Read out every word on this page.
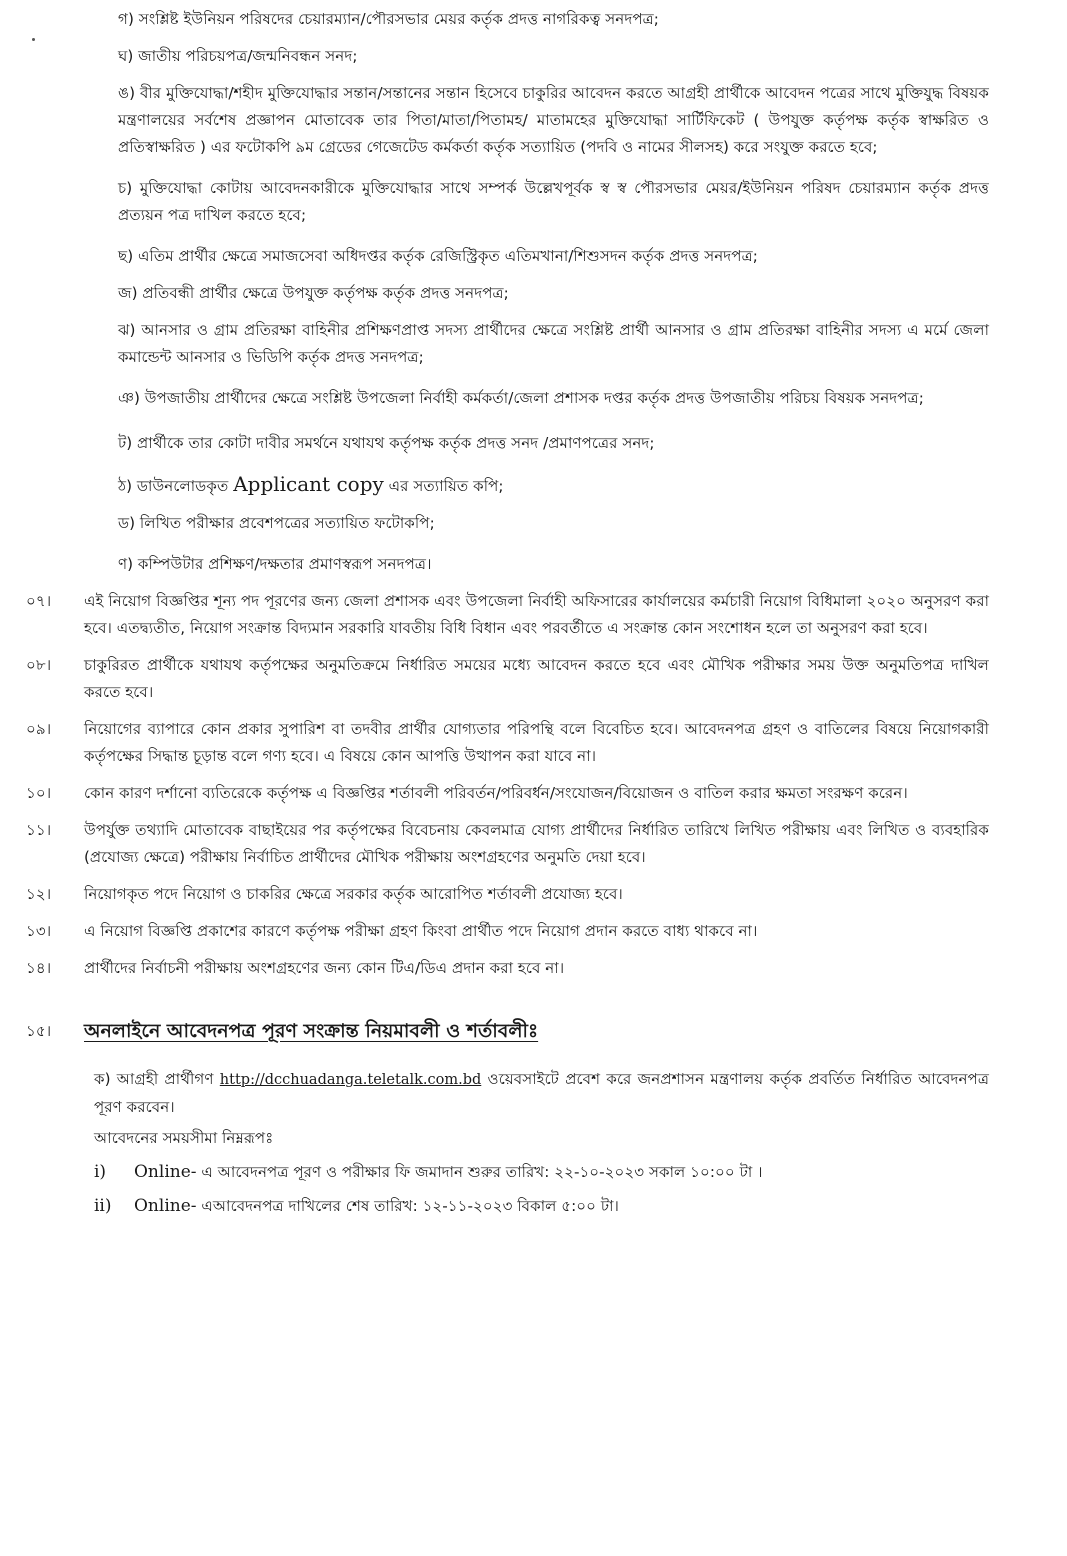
গ) সংশ্লিষ্ট ইউনিয়ন পরিষদের চেয়ারম্যান/পৌরসভার মেয়র কর্তৃক প্রদত্ত নাগরিকত্ব সনদপত্র;

ঘ) জাতীয় পরিচয়পত্র/জন্মনিবন্ধন সনদ;

ঙ) বীর মুক্তিযোদ্ধা/শহীদ মুক্তিযোদ্ধার সন্তান/সন্তানের সন্তান হিসেবে চাকুরির আবেদন করতে আগ্রহী প্রার্থীকে আবেদন পত্রের সাথে মুক্তিযুদ্ধ বিষয়ক মন্ত্রণালয়ের সর্বশেষ প্রজ্ঞাপন মোতাবেক তার পিতা/মাতা/পিতামহ/ মাতামহের মুক্তিযোদ্ধা সার্টিফিকেট ( উপযুক্ত কর্তৃপক্ষ কর্তৃক স্বাক্ষরিত ও প্রতিস্বাক্ষরিত ) এর ফটোকপি ৯ম গ্রেডের গেজেটেড কর্মকর্তা কর্তৃক সত্যায়িত (পদবি ও নামের সীলসহ) করে সংযুক্ত করতে হবে;

চ) মুক্তিযোদ্ধা কোটায় আবেদনকারীকে মুক্তিযোদ্ধার সাথে সম্পর্ক উল্লেখপূর্বক স্ব স্ব পৌরসভার মেয়র/ইউনিয়ন পরিষদ চেয়ারম্যান কর্তৃক প্রদত্ত প্রত্যয়ন পত্র দাখিল করতে হবে;

ছ) এতিম প্রার্থীর ক্ষেত্রে সমাজসেবা অধিদপ্তর কর্তৃক রেজিস্ট্রিকৃত এতিমখানা/শিশুসদন কর্তৃক প্রদত্ত সনদপত্র;

জ) প্রতিবন্ধী প্রার্থীর ক্ষেত্রে উপযুক্ত কর্তৃপক্ষ কর্তৃক প্রদত্ত সনদপত্র;

ঝ) আনসার ও গ্রাম প্রতিরক্ষা বাহিনীর প্রশিক্ষণপ্রাপ্ত সদস্য প্রার্থীদের ক্ষেত্রে সংশ্লিষ্ট প্রার্থী আনসার ও গ্রাম প্রতিরক্ষা বাহিনীর সদস্য এ মর্মে জেলা কমান্ডেন্ট আনসার ও ভিডিপি কর্তৃক প্রদত্ত সনদপত্র;

ঞ) উপজাতীয় প্রার্থীদের ক্ষেত্রে সংশ্লিষ্ট উপজেলা নির্বাহী কর্মকর্তা/জেলা প্রশাসক দপ্তর কর্তৃক প্রদত্ত উপজাতীয় পরিচয় বিষয়ক সনদপত্র;

ট) প্রার্থীকে তার কোটা দাবীর সমর্থনে যথাযথ কর্তৃপক্ষ কর্তৃক প্রদত্ত সনদ /প্রমাণপত্রের সনদ;

ঠ) ডাউনলোডকৃত Applicant copy এর সত্যায়িত কপি;

ড) লিখিত পরীক্ষার প্রবেশপত্রের সত্যায়িত ফটোকপি;

ণ) কম্পিউটার প্রশিক্ষণ/দক্ষতার প্রমাণস্বরূপ সনদপত্র।

০৭।	এই নিয়োগ বিজ্ঞপ্তির শূন্য পদ পূরণের জন্য জেলা প্রশাসক এবং উপজেলা নির্বাহী অফিসারের কার্যালয়ের কর্মচারী নিয়োগ বিধিমালা ২০২০ অনুসরণ করা হবে। এতদ্ব্যতীত, নিয়োগ সংক্রান্ত বিদ্যমান সরকারি যাবতীয় বিধি বিধান এবং পরবর্তীতে এ সংক্রান্ত কোন সংশোধন হলে তা অনুসরণ করা হবে।
০৮।	চাকুরিরত প্রার্থীকে যথাযথ কর্তৃপক্ষের অনুমতিক্রমে নির্ধারিত সময়ের মধ্যে আবেদন করতে হবে এবং মৌখিক পরীক্ষার সময় উক্ত অনুমতিপত্র দাখিল করতে হবে।
০৯।	নিয়োগের ব্যাপারে কোন প্রকার সুপারিশ বা তদবীর প্রার্থীর যোগ্যতার পরিপন্থি বলে বিবেচিত হবে। আবেদনপত্র গ্রহণ ও বাতিলের বিষয়ে নিয়োগকারী কর্তৃপক্ষের সিদ্ধান্ত চূড়ান্ত বলে গণ্য হবে। এ বিষয়ে কোন আপত্তি উত্থাপন করা যাবে না।
১০।	কোন কারণ দর্শানো ব্যতিরেকে কর্তৃপক্ষ এ বিজ্ঞপ্তির শর্তাবলী পরিবর্তন/পরিবর্ধন/সংযোজন/বিয়োজন ও বাতিল করার ক্ষমতা সংরক্ষণ করেন।
১১।	উপর্যুক্ত তথ্যাদি মোতাবেক বাছাইয়ের পর কর্তৃপক্ষের বিবেচনায় কেবলমাত্র যোগ্য প্রার্থীদের নির্ধারিত তারিখে লিখিত পরীক্ষায় এবং লিখিত ও ব্যবহারিক (প্রযোজ্য ক্ষেত্রে) পরীক্ষায় নির্বাচিত প্রার্থীদের মৌখিক পরীক্ষায় অংশগ্রহণের অনুমতি দেয়া হবে।
১২।	নিয়োগকৃত পদে নিয়োগ ও চাকরির ক্ষেত্রে সরকার কর্তৃক আরোপিত শর্তাবলী প্রযোজ্য হবে।
১৩।	এ নিয়োগ বিজ্ঞপ্তি প্রকাশের কারণে কর্তৃপক্ষ পরীক্ষা গ্রহণ কিংবা প্রার্থীত পদে নিয়োগ প্রদান করতে বাধ্য থাকবে না।
১৪।	প্রার্থীদের নির্বাচনী পরীক্ষায় অংশগ্রহণের জন্য কোন টিএ/ডিএ প্রদান করা হবে না।
১৫।	অনলাইনে আবেদনপত্র পূরণ সংক্রান্ত নিয়মাবলী ও শর্তাবলীঃ

ক) আগ্রহী প্রার্থীগণ http://dcchuadanga.teletalk.com.bd ওয়েবসাইটে প্রবেশ করে জনপ্রশাসন মন্ত্রণালয় কর্তৃক প্রবর্তিত নির্ধারিত আবেদনপত্র পূরণ করবেন।

আবেদনের সময়সীমা নিম্নরূপঃ

i)	Online- এ আবেদনপত্র পূরণ ও পরীক্ষার ফি জমাদান শুরুর তারিখ: ২২-১০-২০২৩ সকাল ১০:০০ টা ।
ii)	Online- এআবেদনপত্র দাখিলের শেষ তারিখ: ১২-১১-২০২৩ বিকাল ৫:০০ টা।
